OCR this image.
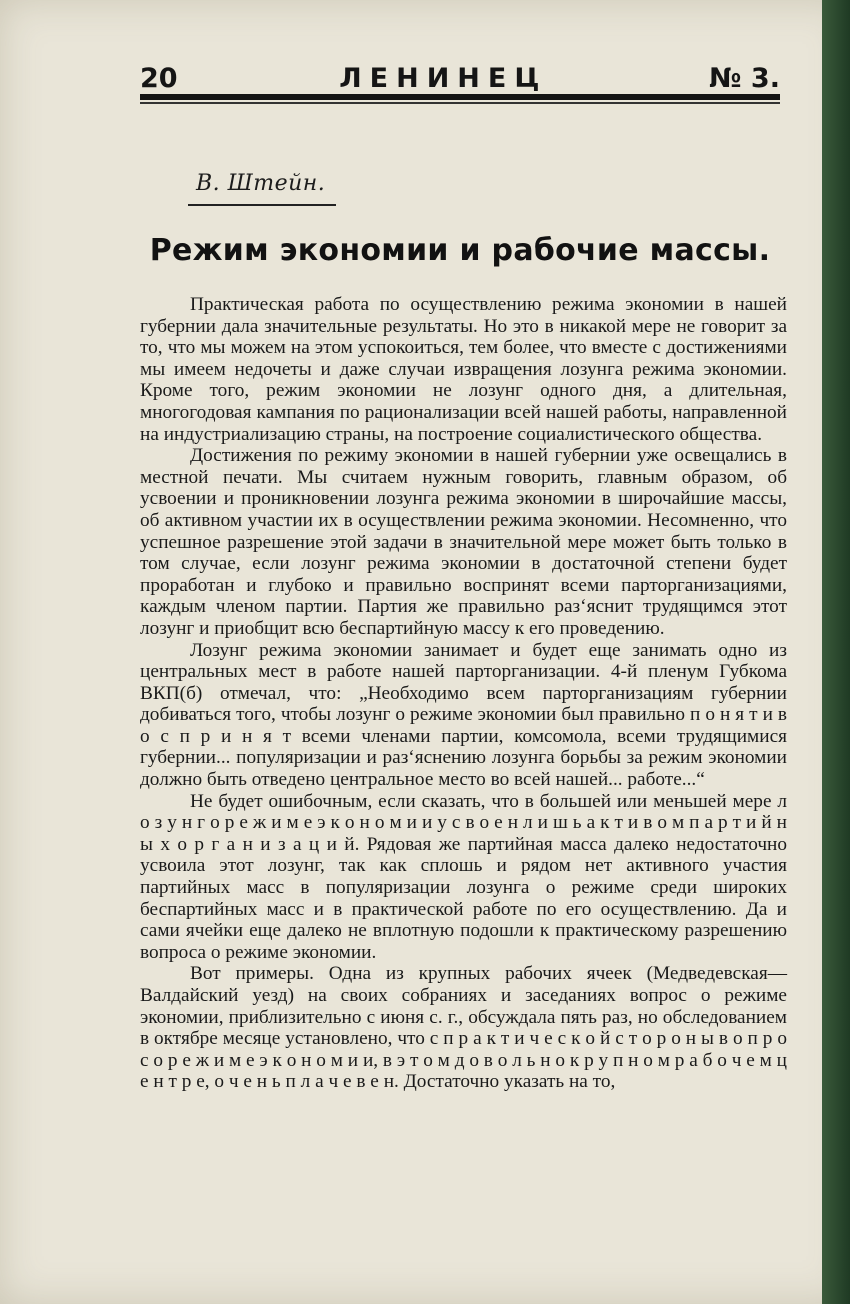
20	ЛЕНИНЕЦ	№ 3.
В. Штейн.
Режим экономии и рабочие массы.

Практическая работа по осуществлению режима экономии в нашей губернии дала значительные результаты. Но это в никакой мере не говорит за то, что мы можем на этом успокоиться, тем более, что вместе с достижениями мы имеем недочеты и даже случаи извращения лозунга режима экономии. Кроме того, режим экономии не лозунг одного дня, а длительная, многогодовая кампания по рационализации всей нашей работы, направленной на индустриализацию страны, на построение социалистического общества.

Достижения по режиму экономии в нашей губернии уже освещались в местной печати. Мы считаем нужным говорить, главным образом, об усвоении и проникновении лозунга режима экономии в широчайшие массы, об активном участии их в осуществлении режима экономии. Несомненно, что успешное разрешение этой задачи в значительной мере может быть только в том случае, если лозунг режима экономии в достаточной степени будет проработан и глубоко и правильно воспринят всеми парторганизациями, каждым членом партии. Партия же правильно раз‘яснит трудящимся этот лозунг и приобщит всю беспартийную массу к его проведению.

Лозунг режима экономии занимает и будет еще занимать одно из центральных мест в работе нашей парторганизации. 4-й пленум Губкома ВКП(б) отмечал, что: „Необходимо всем парторганизациям губернии добиваться того, чтобы лозунг о режиме экономии был правильно п о н я т и в о с п р и н я т всеми членами партии, комсомола, всеми трудящимися губернии... популяризации и раз‘яснению лозунга борьбы за режим экономии должно быть отведено центральное место во всей нашей... работе...“

Не будет ошибочным, если сказать, что в большей или меньшей мере л о з у н г о р е ж и м е э к о н о м и и у с в о е н л и ш ь а к т и в о м п а р т и й н ы х о р г а н и з а ц и й. Рядовая же партийная масса далеко недостаточно усвоила этот лозунг, так как сплошь и рядом нет активного участия партийных масс в популяризации лозунга о режиме среди широких беспартийных масс и в практической работе по его осуществлению. Да и сами ячейки еще далеко не вплотную подошли к практическому разрешению вопроса о режиме экономии.

Вот примеры. Одна из крупных рабочих ячеек (Медведевская—Валдайский уезд) на своих собраниях и заседаниях вопрос о режиме экономии, приблизительно с июня с. г., обсуждала пять раз, но обследованием в октябре месяце установлено, что с п р а к т и ч е с к о й с т о р о н ы в о п р о с о р е ж и м е э к о н о м и и, в э т о м д о в о л ь н о к р у п н о м р а б о ч е м ц е н т р е, о ч е н ь п л а ч е в е н. Достаточно указать на то,
